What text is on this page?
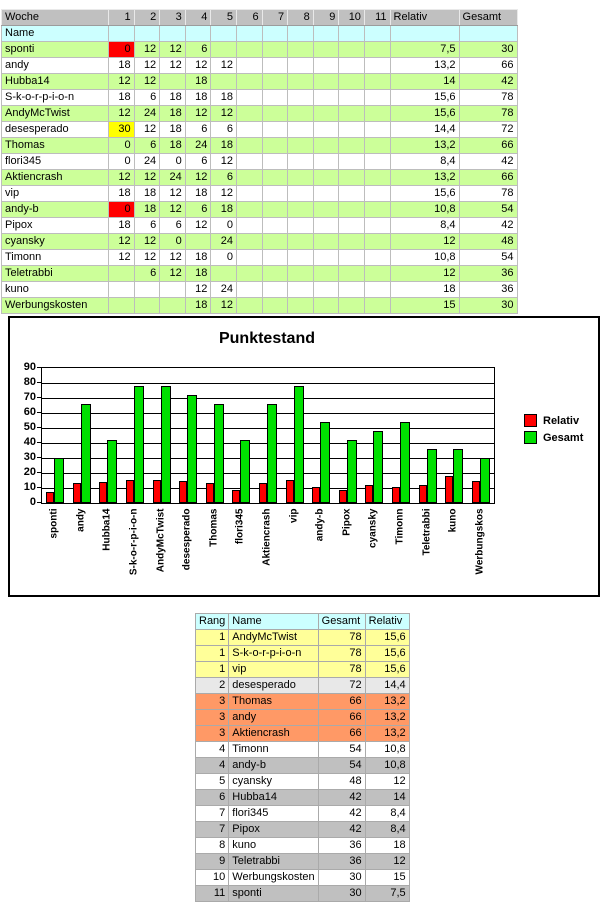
Woche	1	2	3	4	5	6	7	8	9	10	11	Relativ	Gesamt
Name													
sponti	0	12	12	6								7,5	30
andy	18	12	12	12	12							13,2	66
Hubba14	12	12		18								14	42
S-k-o-r-p-i-o-n	18	6	18	18	18							15,6	78
AndyMcTwist	12	24	18	12	12							15,6	78
desesperado	30	12	18	6	6							14,4	72
Thomas	0	6	18	24	18							13,2	66
flori345	0	24	0	6	12							8,4	42
Aktiencrash	12	12	24	12	6							13,2	66
vip	18	18	12	18	12							15,6	78
andy-b	0	18	12	6	18							10,8	54
Pipox	18	6	6	12	0							8,4	42
cyansky	12	12	0		24							12	48
Timonn	12	12	12	18	0							10,8	54
Teletrabbi		6	12	18								12	36
kuno				12	24							18	36
Werbungskosten				18	12							15	30
Punktestand
90
80
70
60
50
40
30
20
10
0
sponti andy Hubba14 S-k-o-r-p-i-o-n AndyMcTwist desesperado Thomas flori345 Aktiencrash vip andy-b Pipox cyansky Timonn Teletrabbi kuno Werbungskos
Relativ
Gesamt
Rang	Name	Gesamt	Relativ
1	AndyMcTwist	78	15,6
1	S-k-o-r-p-i-o-n	78	15,6
1	vip	78	15,6
2	desesperado	72	14,4
3	Thomas	66	13,2
3	andy	66	13,2
3	Aktiencrash	66	13,2
4	Timonn	54	10,8
4	andy-b	54	10,8
5	cyansky	48	12
6	Hubba14	42	14
7	flori345	42	8,4
7	Pipox	42	8,4
8	kuno	36	18
9	Teletrabbi	36	12
10	Werbungskosten	30	15
11	sponti	30	7,5
